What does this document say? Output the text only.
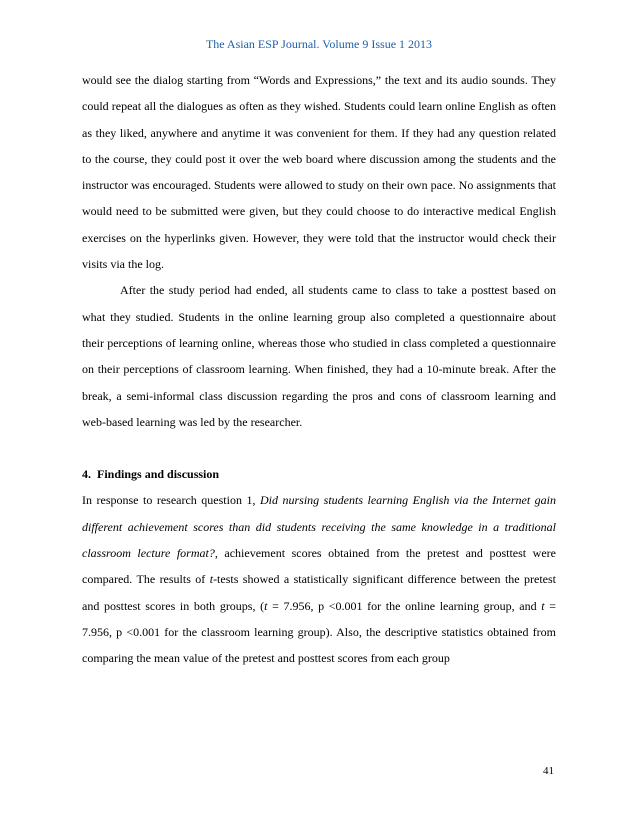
The Asian ESP Journal. Volume 9 Issue 1 2013

would see the dialog starting from “Words and Expressions,” the text and its audio sounds. They could repeat all the dialogues as often as they wished. Students could learn online English as often as they liked, anywhere and anytime it was convenient for them. If they had any question related to the course, they could post it over the web board where discussion among the students and the instructor was encouraged. Students were allowed to study on their own pace. No assignments that would need to be submitted were given, but they could choose to do interactive medical English exercises on the hyperlinks given. However, they were told that the instructor would check their visits via the log.

After the study period had ended, all students came to class to take a posttest based on what they studied. Students in the online learning group also completed a questionnaire about their perceptions of learning online, whereas those who studied in class completed a questionnaire on their perceptions of classroom learning. When finished, they had a 10-minute break. After the break, a semi-informal class discussion regarding the pros and cons of classroom learning and web-based learning was led by the researcher.

4. Findings and discussion

In response to research question 1, Did nursing students learning English via the Internet gain different achievement scores than did students receiving the same knowledge in a traditional classroom lecture format?, achievement scores obtained from the pretest and posttest were compared. The results of t-tests showed a statistically significant difference between the pretest and posttest scores in both groups, (t = 7.956, p <0.001 for the online learning group, and t = 7.956, p <0.001 for the classroom learning group). Also, the descriptive statistics obtained from comparing the mean value of the pretest and posttest scores from each group

41
